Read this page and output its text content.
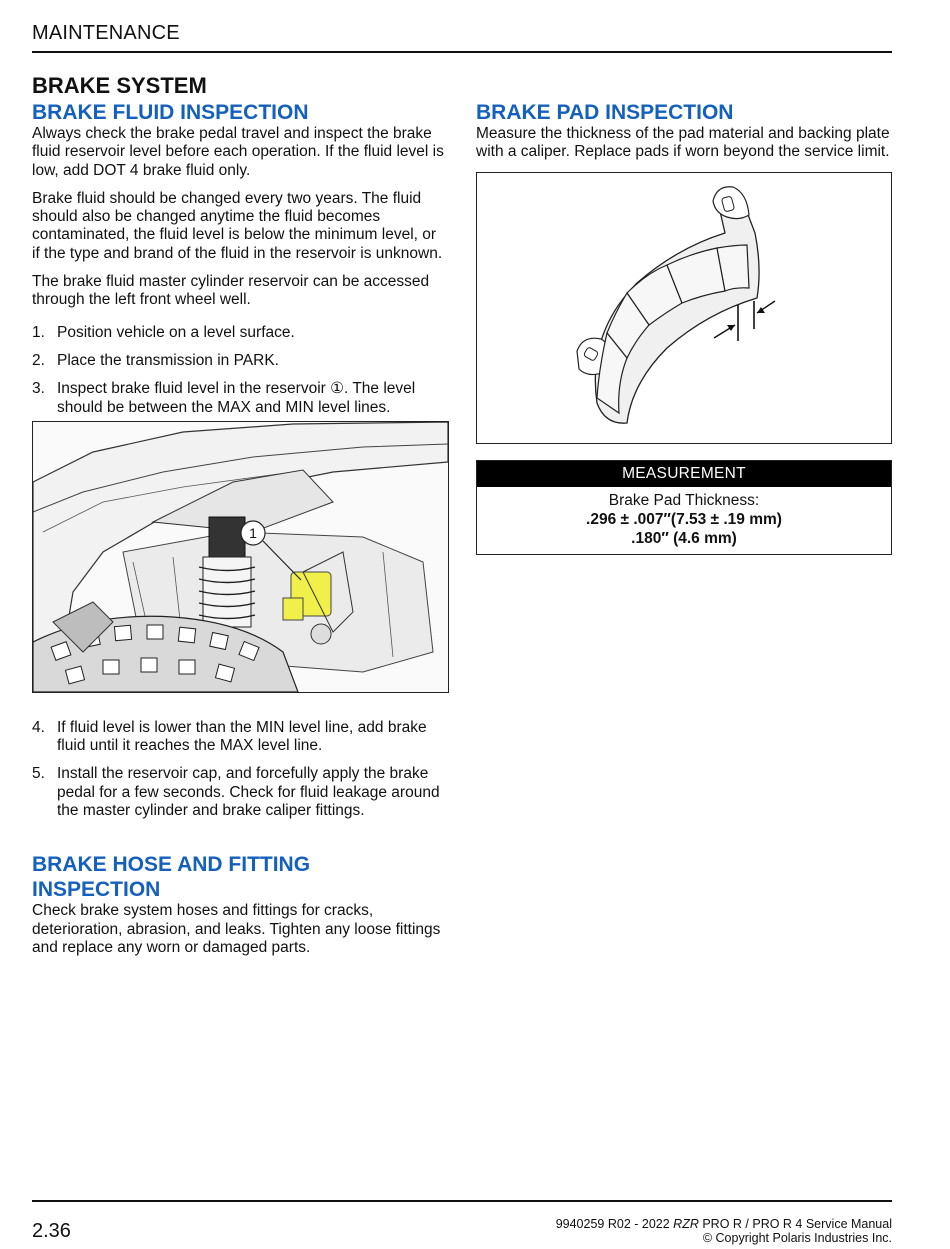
MAINTENANCE
BRAKE SYSTEM
BRAKE FLUID INSPECTION

Always check the brake pedal travel and inspect the brake fluid reservoir level before each operation. If the fluid level is low, add DOT 4 brake fluid only.

Brake fluid should be changed every two years. The fluid should also be changed anytime the fluid becomes contaminated, the fluid level is below the minimum level, or if the type and brand of the fluid in the reservoir is unknown.

The brake fluid master cylinder reservoir can be accessed through the left front wheel well.

1. Position vehicle on a level surface.
2. Place the transmission in PARK.
3. Inspect brake fluid level in the reservoir ①. The level should be between the MAX and MIN level lines.
1
4. If fluid level is lower than the MIN level line, add brake fluid until it reaches the MAX level line.
5. Install the reservoir cap, and forcefully apply the brake pedal for a few seconds. Check for fluid leakage around the master cylinder and brake caliper fittings.
BRAKE HOSE AND FITTING
INSPECTION

Check brake system hoses and fittings for cracks, deterioration, abrasion, and leaks. Tighten any loose fittings and replace any worn or damaged parts.

BRAKE PAD INSPECTION

Measure the thickness of the pad material and backing plate with a caliper. Replace pads if worn beyond the service limit.

MEASUREMENT

Brake Pad Thickness:
.296 ± .007″(7.53 ± .19 mm)
.180″ (4.6 mm)
2.36	9940259 R02 - 2022 RZR PRO R / PRO R 4 Service Manual
© Copyright Polaris Industries Inc.
